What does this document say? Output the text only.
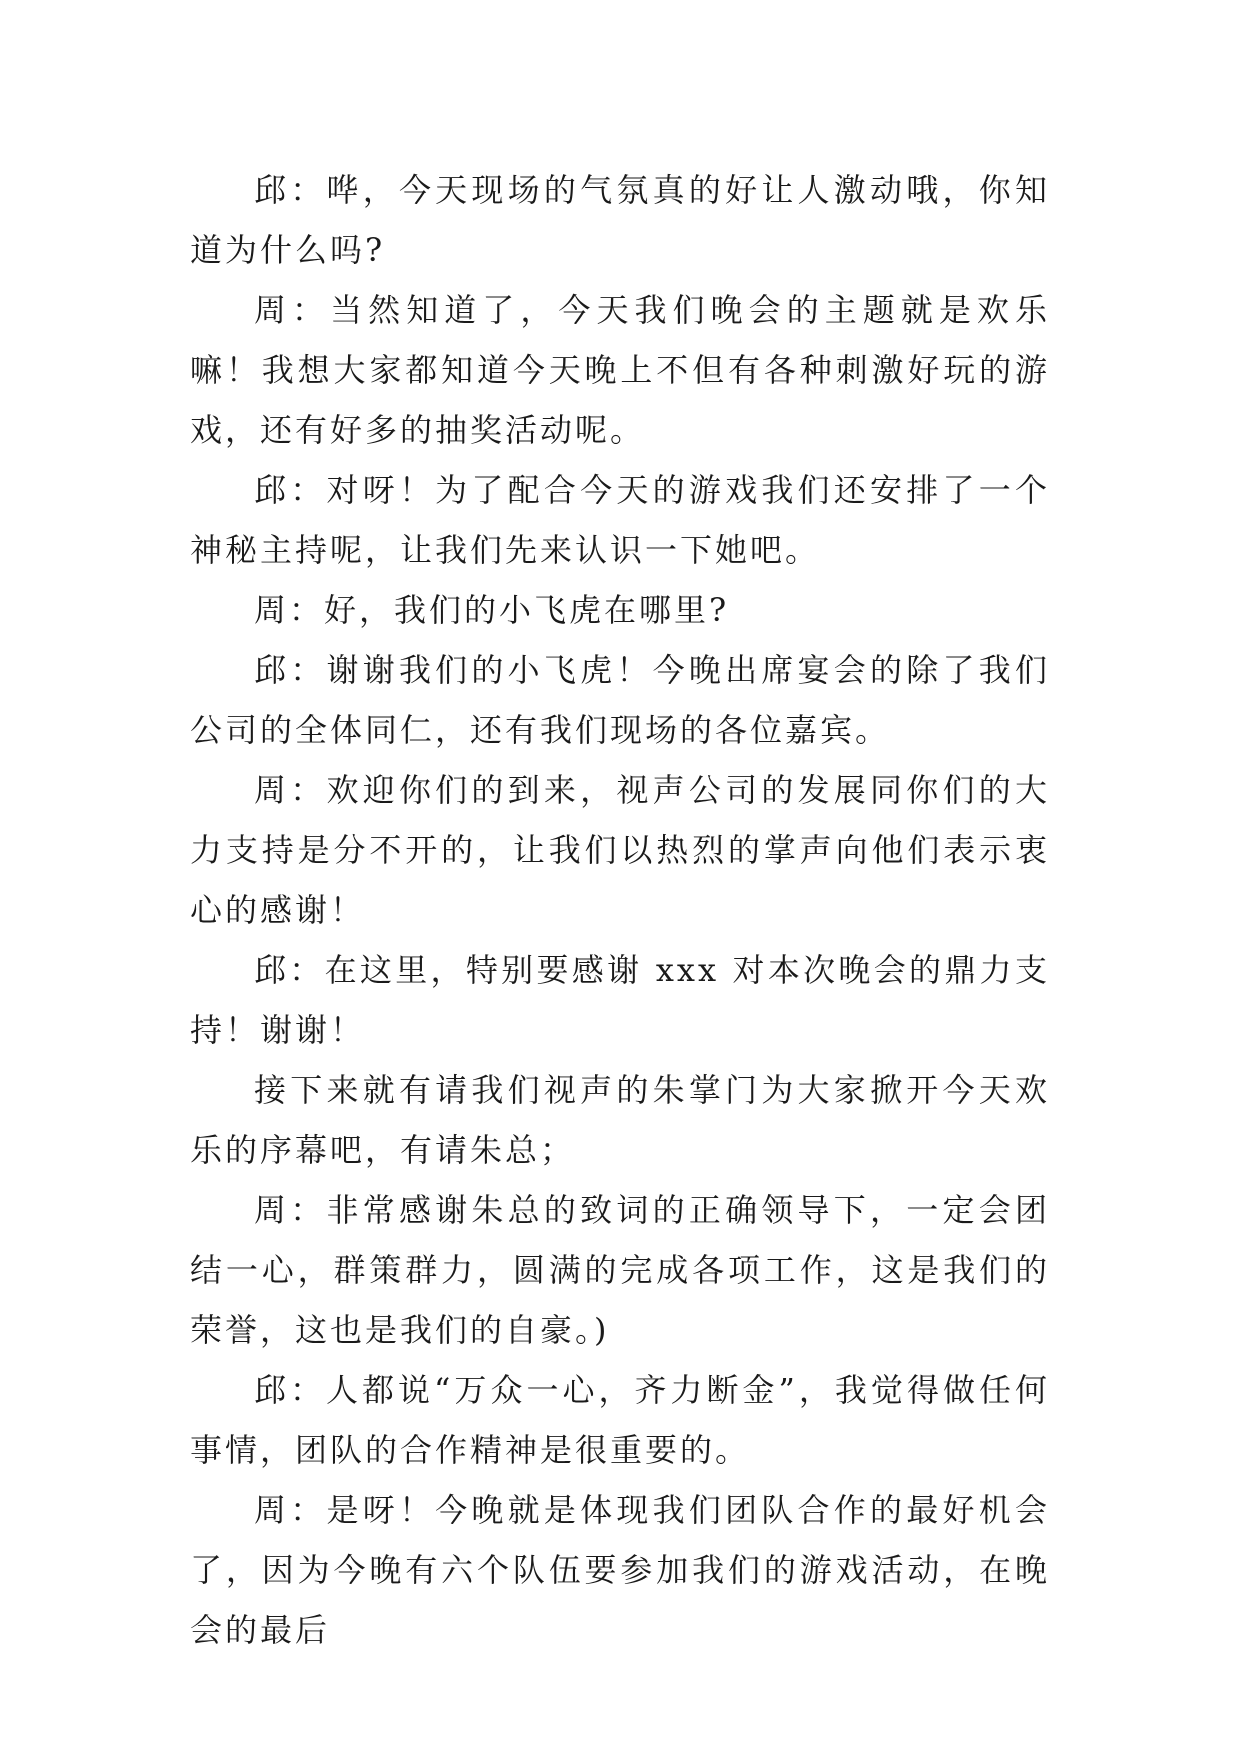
邱：哗，今天现场的气氛真的好让人激动哦，你知道为什么吗?

周：当然知道了，今天我们晚会的主题就是欢乐嘛！我想大家都知道今天晚上不但有各种刺激好玩的游戏，还有好多的抽奖活动呢。

邱：对呀！为了配合今天的游戏我们还安排了一个神秘主持呢，让我们先来认识一下她吧。

周：好，我们的小飞虎在哪里?

邱：谢谢我们的小飞虎！今晚出席宴会的除了我们公司的全体同仁，还有我们现场的各位嘉宾。

周：欢迎你们的到来，视声公司的发展同你们的大力支持是分不开的，让我们以热烈的掌声向他们表示衷心的感谢！

邱：在这里，特别要感谢 xxx 对本次晚会的鼎力支持！谢谢！

接下来就有请我们视声的朱掌门为大家掀开今天欢乐的序幕吧，有请朱总；

周：非常感谢朱总的致词的正确领导下，一定会团结一心，群策群力，圆满的完成各项工作，这是我们的荣誉，这也是我们的自豪。)

邱：人都说“万众一心，齐力断金”，我觉得做任何事情，团队的合作精神是很重要的。

周：是呀！今晚就是体现我们团队合作的最好机会了，因为今晚有六个队伍要参加我们的游戏活动，在晚会的最后
